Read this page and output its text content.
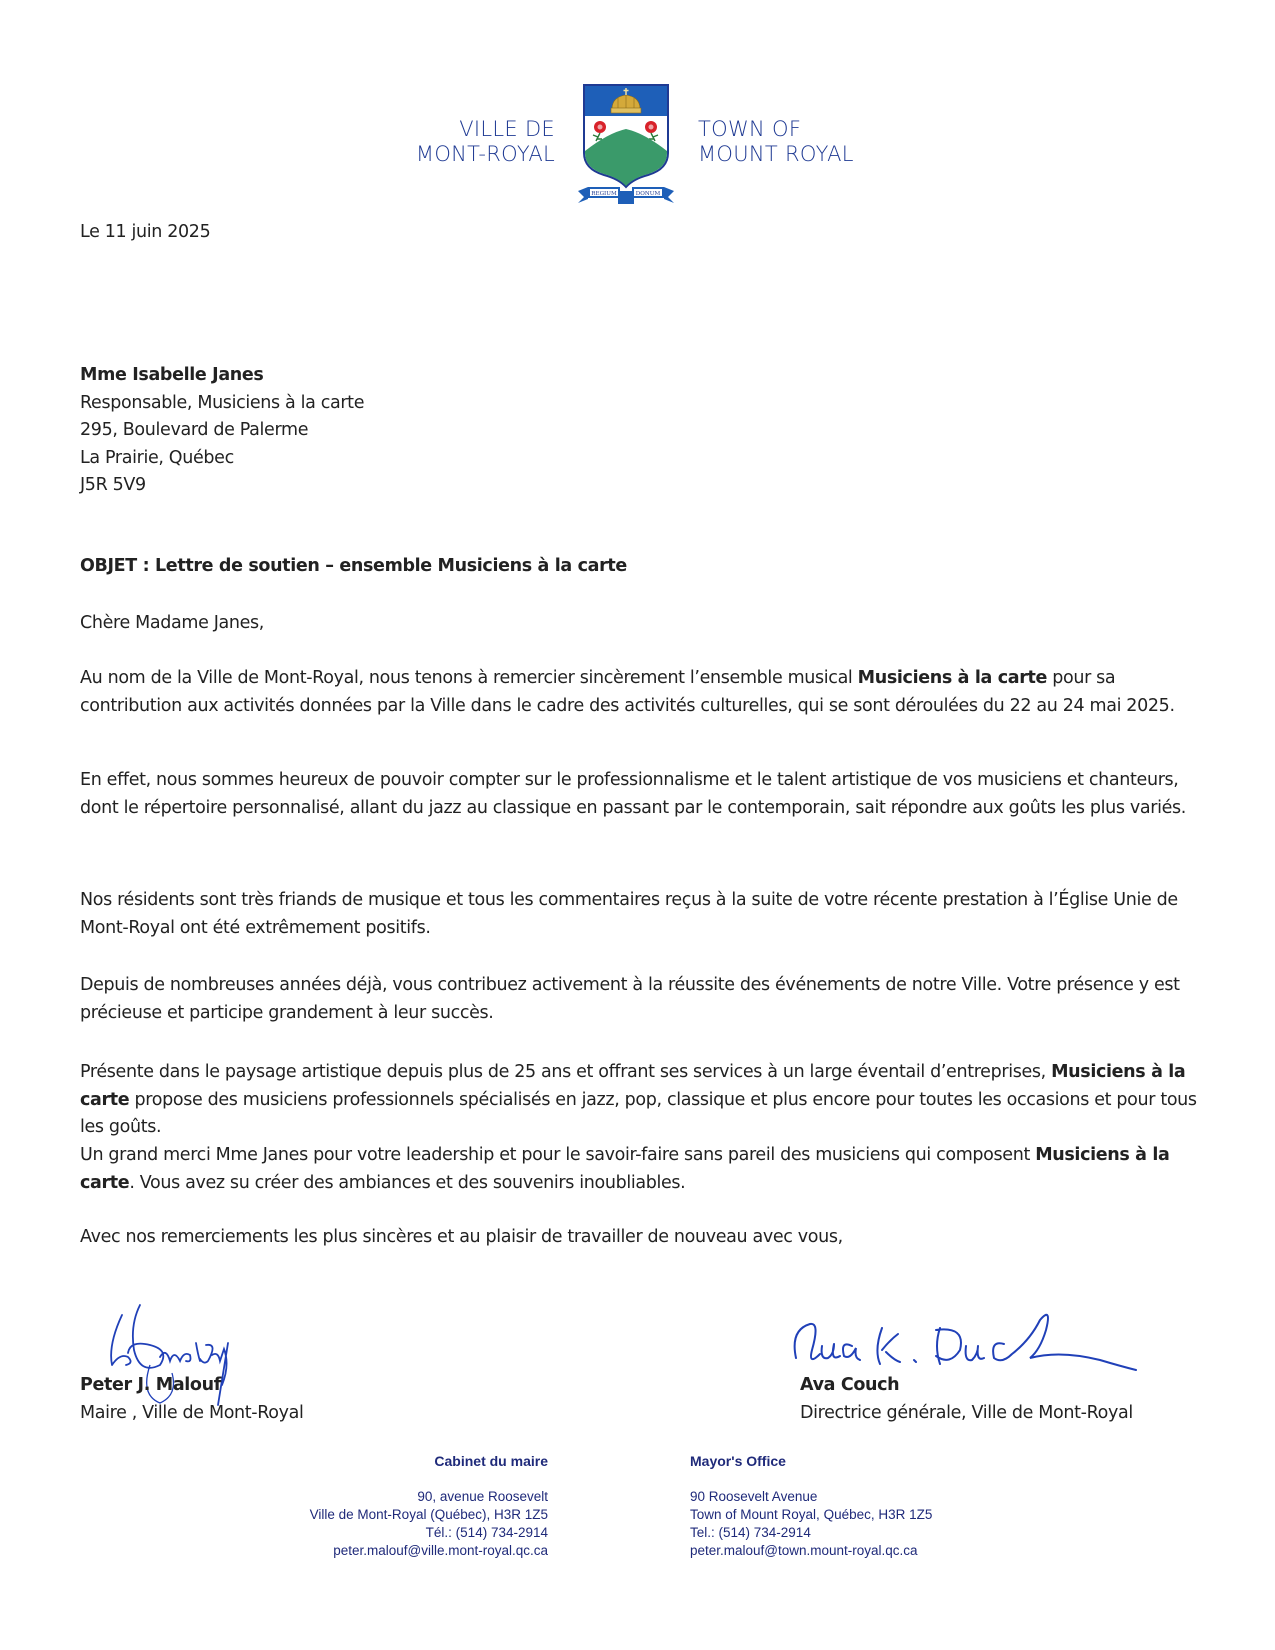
VILLE DE
MONT-ROYAL
REGIUM	DONUM
TOWN OF
MOUNT ROYAL
Le 11 juin 2025
Mme Isabelle Janes
Responsable, Musiciens à la carte
295, Boulevard de Palerme
La Prairie, Québec
J5R 5V9
OBJET : Lettre de soutien – ensemble Musiciens à la carte
Chère Madame Janes,
Au nom de la Ville de Mont-Royal, nous tenons à remercier sincèrement l’ensemble musical Musiciens à la carte pour sa contribution aux activités données par la Ville dans le cadre des activités culturelles, qui se sont déroulées du 22 au 24 mai 2025.
En effet, nous sommes heureux de pouvoir compter sur le professionnalisme et le talent artistique de vos musiciens et chanteurs, dont le répertoire personnalisé, allant du jazz au classique en passant par le contemporain, sait répondre aux goûts les plus variés.
Nos résidents sont très friands de musique et tous les commentaires reçus à la suite de votre récente prestation à l’Église Unie de Mont-Royal ont été extrêmement positifs.
Depuis de nombreuses années déjà, vous contribuez activement à la réussite des événements de notre Ville. Votre présence y est précieuse et participe grandement à leur succès.
Présente dans le paysage artistique depuis plus de 25 ans et offrant ses services à un large éventail d’entreprises, Musiciens à la carte propose des musiciens professionnels spécialisés en jazz, pop, classique et plus encore pour toutes les occasions et pour tous les goûts.
Un grand merci Mme Janes pour votre leadership et pour le savoir-faire sans pareil des musiciens qui composent Musiciens à la carte. Vous avez su créer des ambiances et des souvenirs inoubliables.
Avec nos remerciements les plus sincères et au plaisir de travailler de nouveau avec vous,
Peter J. Malouf
Maire , Ville de Mont-Royal
Ava Couch
Directrice générale, Ville de Mont-Royal
Cabinet du maire
90, avenue Roosevelt
Ville de Mont-Royal (Québec), H3R 1Z5
Tél.: (514) 734-2914
peter.malouf@ville.mont-royal.qc.ca
Mayor's Office
90 Roosevelt Avenue
Town of Mount Royal, Québec, H3R 1Z5
Tel.: (514) 734-2914
peter.malouf@town.mount-royal.qc.ca
